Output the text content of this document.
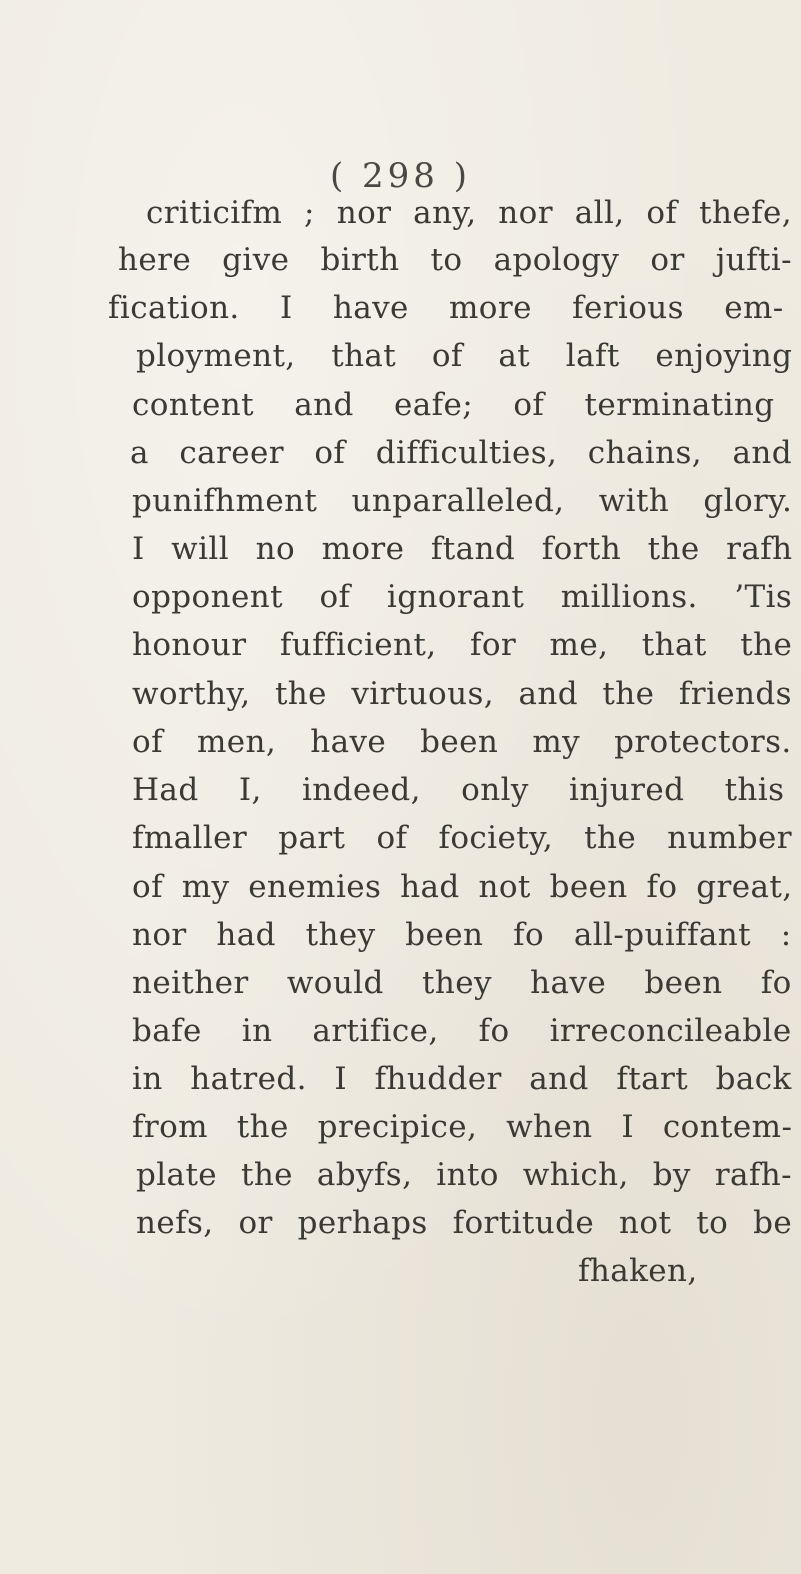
( 298 )
criticifm ; nor any, nor all, of thefe,
here give birth to apology or jufti-
fication. I have more ferious em-
ployment, that of at laft enjoying
content and eafe; of terminating
a career of difficulties, chains, and
punifhment unparalleled, with glory.
I will no more ftand forth the rafh
opponent of ignorant millions. ’Tis
honour fufficient, for me, that the
worthy, the virtuous, and the friends
of men, have been my protectors.
Had I, indeed, only injured this
fmaller part of fociety, the number
of my enemies had not been fo great,
nor had they been fo all-puiffant :
neither would they have been fo
bafe in artifice, fo irreconcileable
in hatred. I fhudder and ftart back
from the precipice, when I contem-
plate the abyfs, into which, by rafh-
nefs, or perhaps fortitude not to be
fhaken,
